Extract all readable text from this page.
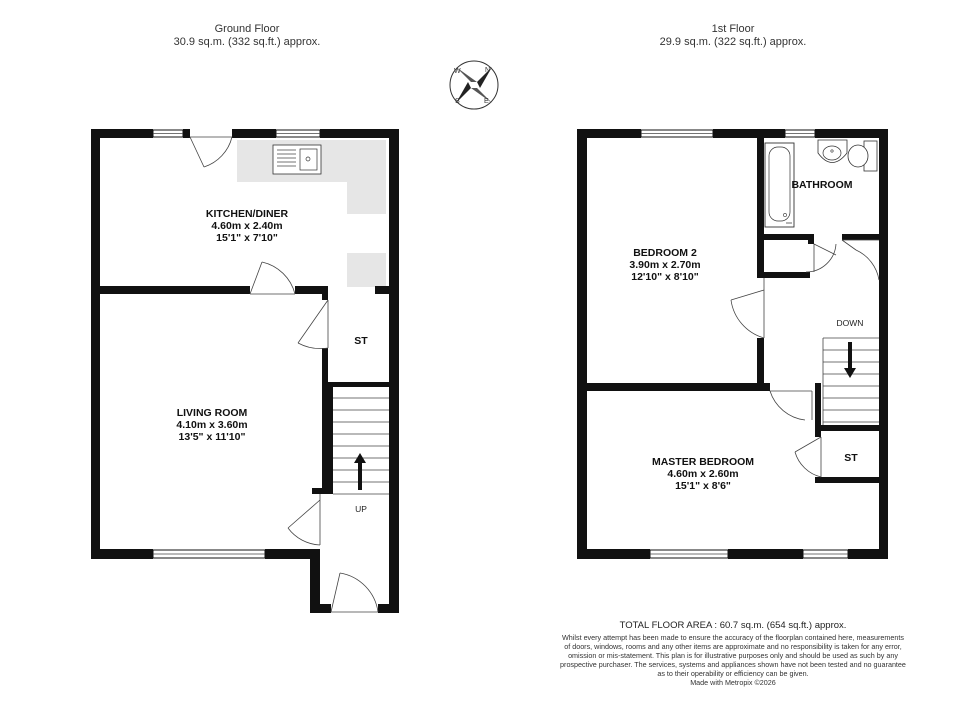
Ground Floor
30.9 sq.m. (332 sq.ft.) approx.
1st Floor
29.9 sq.m. (322 sq.ft.) approx.
N
E
S
W
KITCHEN/DINER
4.60m x 2.40m
15'1" x 7'10"
LIVING ROOM
4.10m x 3.60m
13'5" x 11'10"
ST
UP
BATHROOM
BEDROOM 2
3.90m x 2.70m
12'10" x 8'10"
MASTER BEDROOM
4.60m x 2.60m
15'1" x 8'6"
DOWN
ST
TOTAL FLOOR AREA : 60.7 sq.m. (654 sq.ft.) approx.
Whilst every attempt has been made to ensure the accuracy of the floorplan contained here, measurements
of doors, windows, rooms and any other items are approximate and no responsibility is taken for any error,
omission or mis-statement. This plan is for illustrative purposes only and should be used as such by any
prospective purchaser. The services, systems and appliances shown have not been tested and no guarantee
as to their operability or efficiency can be given.
Made with Metropix ©2026
